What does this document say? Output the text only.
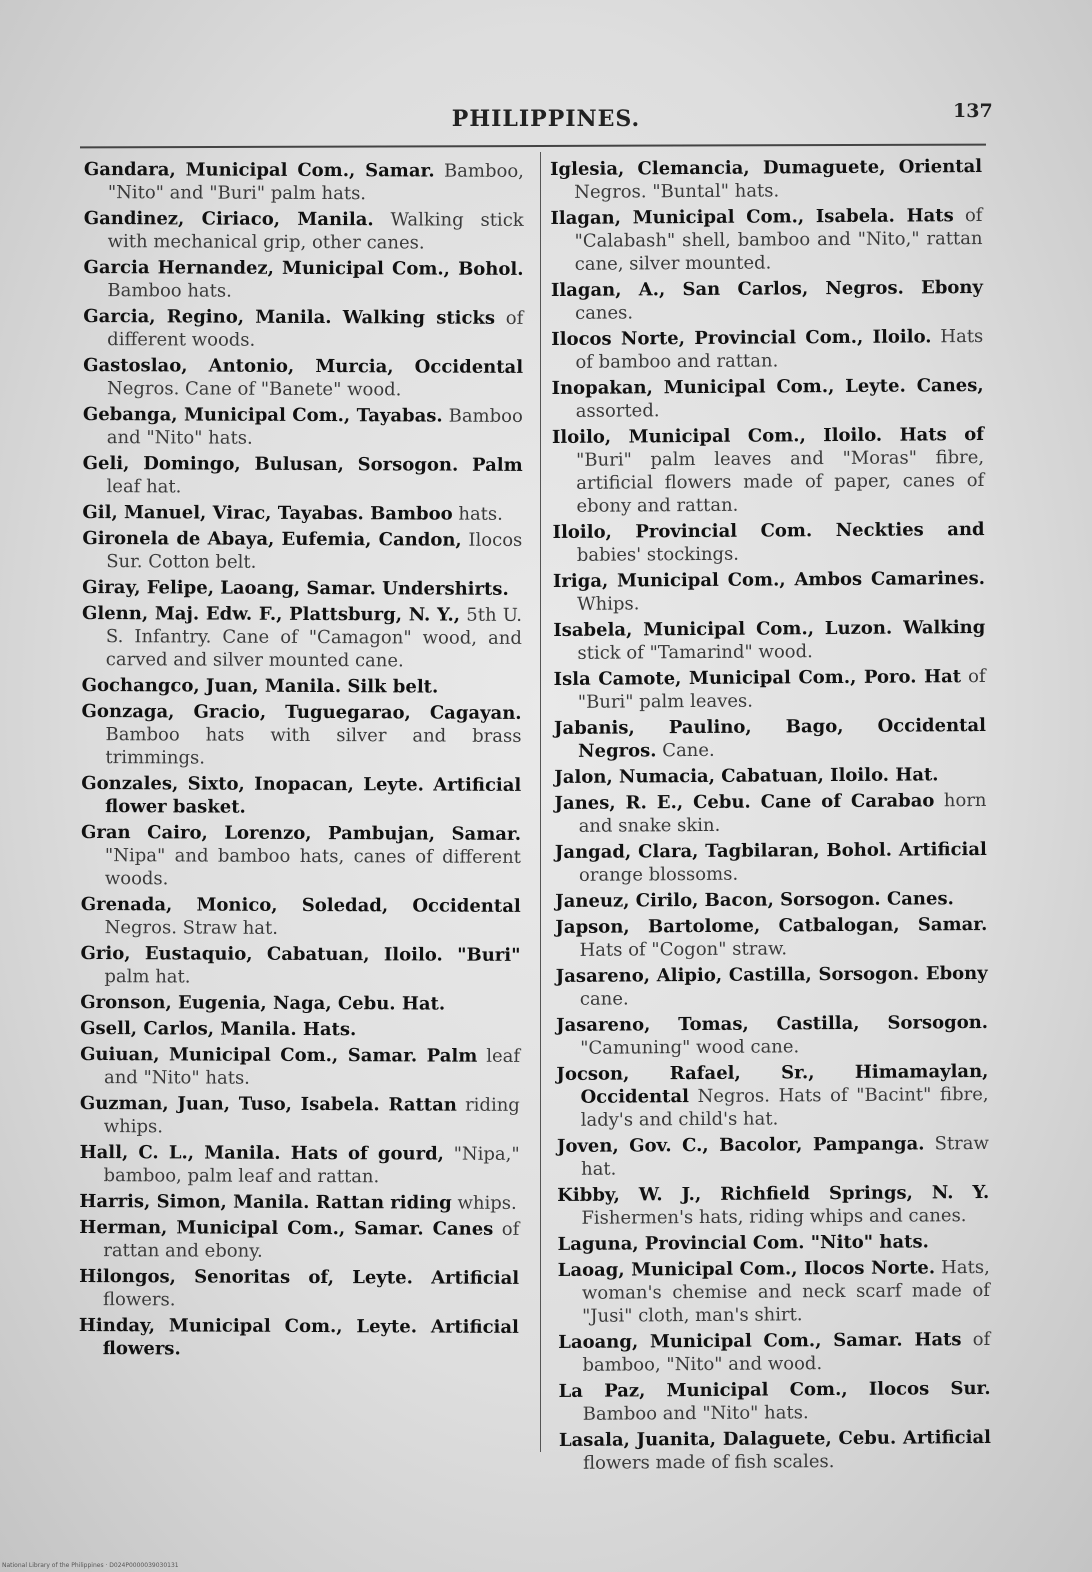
PHILIPPINES.	137

Gandara, Municipal Com., Samar. Bamboo, "Nito" and "Buri" palm hats.

Gandinez, Ciriaco, Manila. Walking stick with mechanical grip, other canes.

Garcia Hernandez, Municipal Com., Bohol. Bamboo hats.

Garcia, Regino, Manila. Walking sticks of different woods.

Gastoslao, Antonio, Murcia, Occidental Negros. Cane of "Banete" wood.

Gebanga, Municipal Com., Tayabas. Bamboo and "Nito" hats.

Geli, Domingo, Bulusan, Sorsogon. Palm leaf hat.

Gil, Manuel, Virac, Tayabas. Bamboo hats.

Gironela de Abaya, Eufemia, Candon, Ilocos Sur. Cotton belt.

Giray, Felipe, Laoang, Samar. Undershirts.

Glenn, Maj. Edw. F., Plattsburg, N. Y., 5th U. S. Infantry. Cane of "Camagon" wood, and carved and silver mounted cane.

Gochangco, Juan, Manila. Silk belt.

Gonzaga, Gracio, Tuguegarao, Cagayan. Bamboo hats with silver and brass trimmings.

Gonzales, Sixto, Inopacan, Leyte. Artificial flower basket.

Gran Cairo, Lorenzo, Pambujan, Samar. "Nipa" and bamboo hats, canes of different woods.

Grenada, Monico, Soledad, Occidental Negros. Straw hat.

Grio, Eustaquio, Cabatuan, Iloilo. "Buri" palm hat.

Gronson, Eugenia, Naga, Cebu. Hat.

Gsell, Carlos, Manila. Hats.

Guiuan, Municipal Com., Samar. Palm leaf and "Nito" hats.

Guzman, Juan, Tuso, Isabela. Rattan riding whips.

Hall, C. L., Manila. Hats of gourd, "Nipa," bamboo, palm leaf and rattan.

Harris, Simon, Manila. Rattan riding whips.

Herman, Municipal Com., Samar. Canes of rattan and ebony.

Hilongos, Senoritas of, Leyte. Artificial flowers.

Hinday, Municipal Com., Leyte. Artificial flowers.

Iglesia, Clemancia, Dumaguete, Oriental Negros. "Buntal" hats.

Ilagan, Municipal Com., Isabela. Hats of "Calabash" shell, bamboo and "Nito," rattan cane, silver mounted.

Ilagan, A., San Carlos, Negros. Ebony canes.

Ilocos Norte, Provincial Com., Iloilo. Hats of bamboo and rattan.

Inopakan, Municipal Com., Leyte. Canes, assorted.

Iloilo, Municipal Com., Iloilo. Hats of "Buri" palm leaves and "Moras" fibre, artificial flowers made of paper, canes of ebony and rattan.

Iloilo, Provincial Com. Neckties and babies' stockings.

Iriga, Municipal Com., Ambos Camarines. Whips.

Isabela, Municipal Com., Luzon. Walking stick of "Tamarind" wood.

Isla Camote, Municipal Com., Poro. Hat of "Buri" palm leaves.

Jabanis, Paulino, Bago, Occidental Negros. Cane.

Jalon, Numacia, Cabatuan, Iloilo. Hat.

Janes, R. E., Cebu. Cane of Carabao horn and snake skin.

Jangad, Clara, Tagbilaran, Bohol. Artificial orange blossoms.

Janeuz, Cirilo, Bacon, Sorsogon. Canes.

Japson, Bartolome, Catbalogan, Samar. Hats of "Cogon" straw.

Jasareno, Alipio, Castilla, Sorsogon. Ebony cane.

Jasareno, Tomas, Castilla, Sorsogon. "Camuning" wood cane.

Jocson, Rafael, Sr., Himamaylan, Occidental Negros. Hats of "Bacint" fibre, lady's and child's hat.

Joven, Gov. C., Bacolor, Pampanga. Straw hat.

Kibby, W. J., Richfield Springs, N. Y. Fishermen's hats, riding whips and canes.

Laguna, Provincial Com. "Nito" hats.

Laoag, Municipal Com., Ilocos Norte. Hats, woman's chemise and neck scarf made of "Jusi" cloth, man's shirt.

Laoang, Municipal Com., Samar. Hats of bamboo, "Nito" and wood.

La Paz, Municipal Com., Ilocos Sur. Bamboo and "Nito" hats.

Lasala, Juanita, Dalaguete, Cebu. Artificial flowers made of fish scales.

National Library of the Philippines · D024P0000039030131
